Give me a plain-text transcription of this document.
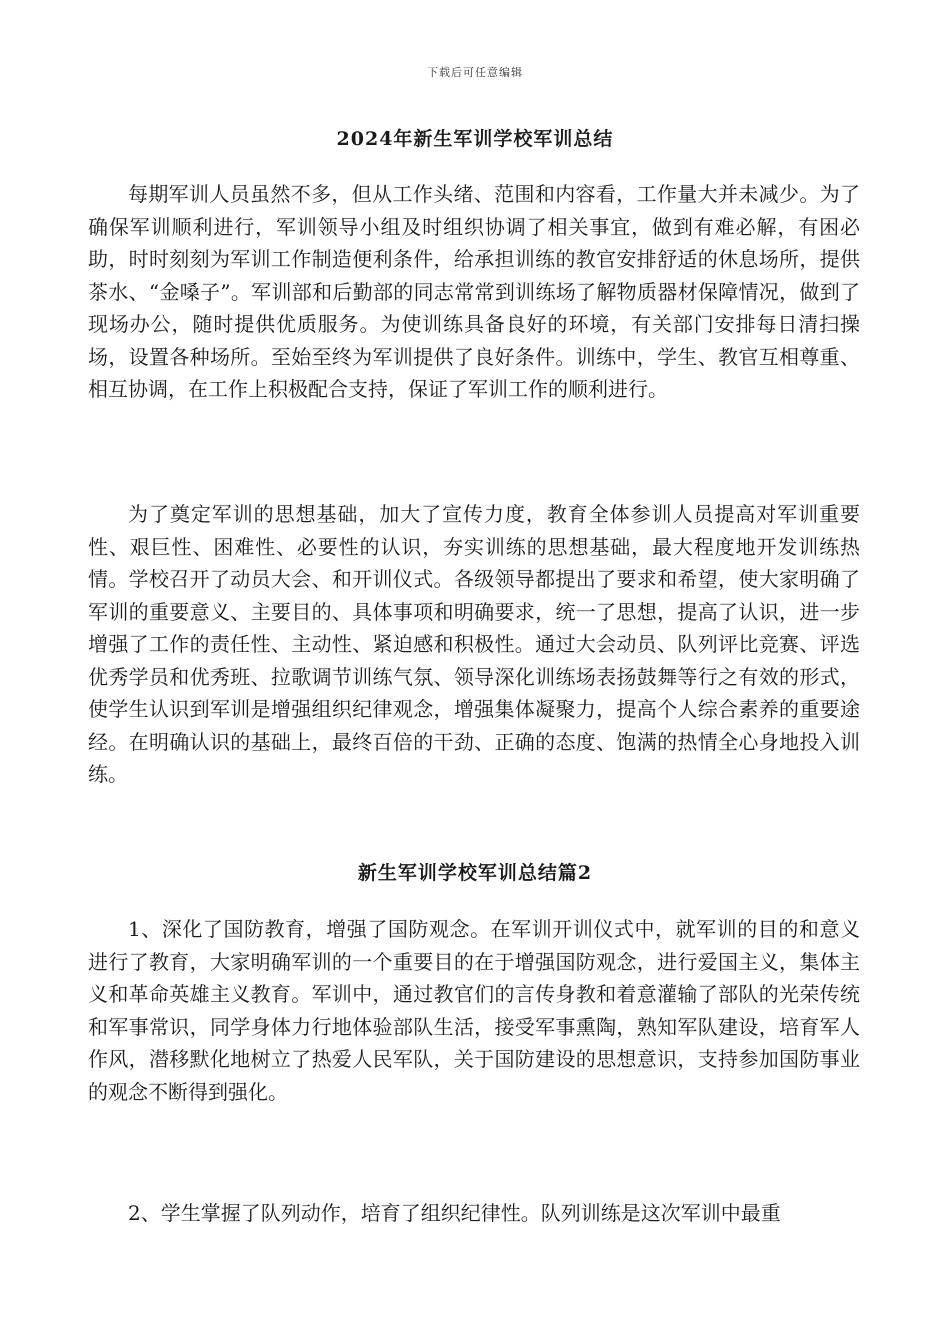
下载后可任意编辑
2024年新生军训学校军训总结

每期军训人员虽然不多，但从工作头绪、范围和内容看，工作量大并未减少。为了确保军训顺利进行，军训领导小组及时组织协调了相关事宜，做到有难必解，有困必助，时时刻刻为军训工作制造便利条件，给承担训练的教官安排舒适的休息场所，提供茶水、“金嗓子”。军训部和后勤部的同志常常到训练场了解物质器材保障情况，做到了现场办公，随时提供优质服务。为使训练具备良好的环境，有关部门安排每日清扫操场，设置各种场所。至始至终为军训提供了良好条件。训练中，学生、教官互相尊重、相互协调，在工作上积极配合支持，保证了军训工作的顺利进行。

为了奠定军训的思想基础，加大了宣传力度，教育全体参训人员提高对军训重要性、艰巨性、困难性、必要性的认识，夯实训练的思想基础，最大程度地开发训练热情。学校召开了动员大会、和开训仪式。各级领导都提出了要求和希望，使大家明确了军训的重要意义、主要目的、具体事项和明确要求，统一了思想，提高了认识，进一步增强了工作的责任性、主动性、紧迫感和积极性。通过大会动员、队列评比竞赛、评选优秀学员和优秀班、拉歌调节训练气氛、领导深化训练场表扬鼓舞等行之有效的形式，使学生认识到军训是增强组织纪律观念，增强集体凝聚力，提高个人综合素养的重要途经。在明确认识的基础上，最终百倍的干劲、正确的态度、饱满的热情全心身地投入训练。

新生军训学校军训总结篇2

1、深化了国防教育，增强了国防观念。在军训开训仪式中，就军训的目的和意义进行了教育，大家明确军训的一个重要目的在于增强国防观念，进行爱国主义，集体主义和革命英雄主义教育。军训中，通过教官们的言传身教和着意灌输了部队的光荣传统和军事常识，同学身体力行地体验部队生活，接受军事熏陶，熟知军队建设，培育军人作风，潜移默化地树立了热爱人民军队，关于国防建设的思想意识，支持参加国防事业的观念不断得到强化。

2、学生掌握了队列动作，培育了组织纪律性。队列训练是这次军训中最重
